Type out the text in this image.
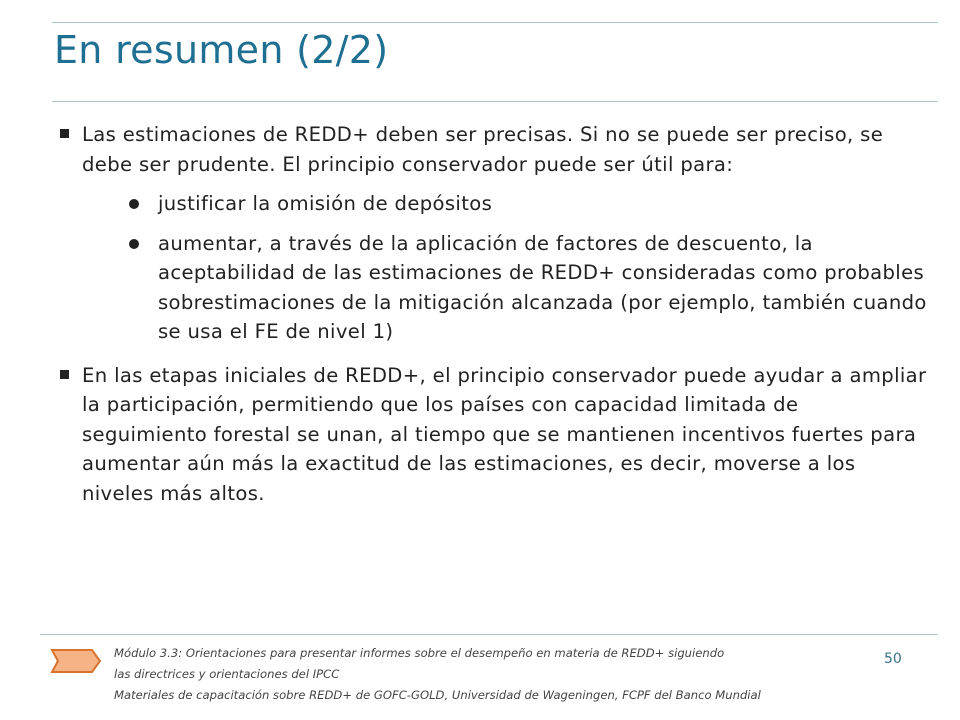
En resumen (2/2)
Las estimaciones de REDD+ deben ser precisas. Si no se puede ser preciso, se debe ser prudente. El principio conservador puede ser útil para:
justificar la omisión de depósitos
aumentar, a través de la aplicación de factores de descuento, la aceptabilidad de las estimaciones de REDD+ consideradas como probables sobrestimaciones de la mitigación alcanzada (por ejemplo, también cuando se usa el FE de nivel 1)
En las etapas iniciales de REDD+, el principio conservador puede ayudar a ampliar la participación, permitiendo que los países con capacidad limitada de seguimiento forestal se unan, al tiempo que se mantienen incentivos fuertes para aumentar aún más la exactitud de las estimaciones, es decir, moverse a los niveles más altos.
Módulo 3.3: Orientaciones para presentar informes sobre el desempeño en materia de REDD+ siguiendo
las directrices y orientaciones del IPCC
Materiales de capacitación sobre REDD+ de GOFC-GOLD, Universidad de Wageningen, FCPF del Banco Mundial
50
